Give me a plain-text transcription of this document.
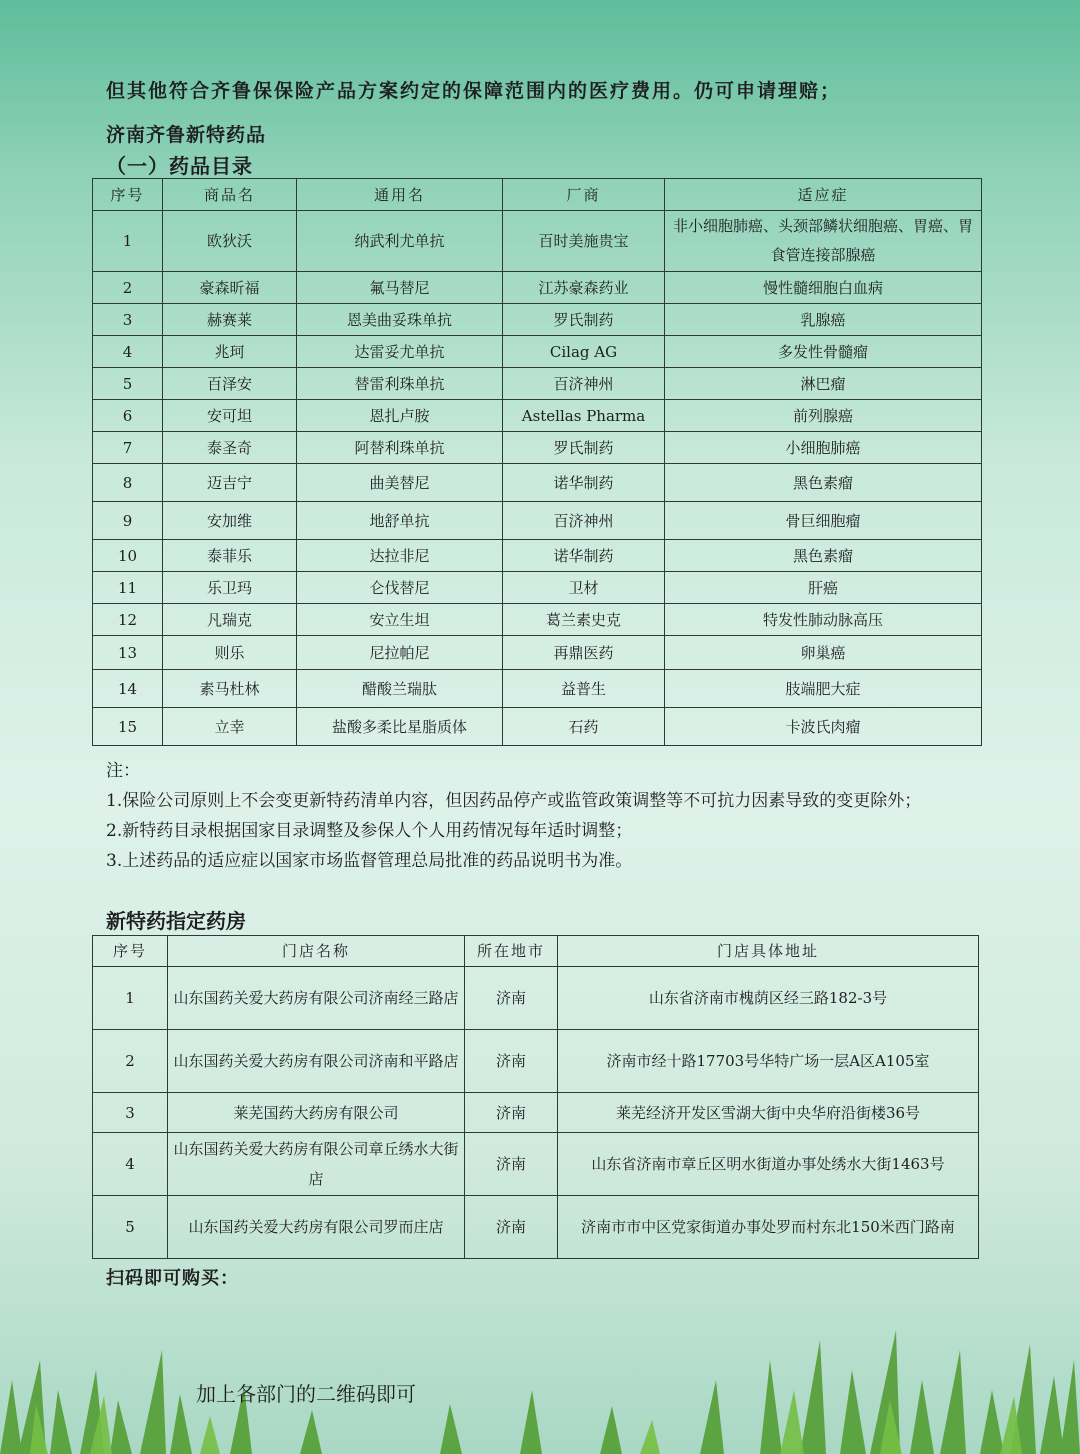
但其他符合齐鲁保保险产品方案约定的保障范围内的医疗费用。仍可申请理赔；
济南齐鲁新特药品
（一）药品目录
序号	商品名	通用名	厂商	适应症
1	欧狄沃	纳武利尤单抗	百时美施贵宝	非小细胞肺癌、头颈部鳞状细胞癌、胃癌、胃食管连接部腺癌
2	豪森昕福	氟马替尼	江苏豪森药业	慢性髓细胞白血病
3	赫赛莱	恩美曲妥珠单抗	罗氏制药	乳腺癌
4	兆珂	达雷妥尤单抗	Cilag AG	多发性骨髓瘤
5	百泽安	替雷利珠单抗	百济神州	淋巴瘤
6	安可坦	恩扎卢胺	Astellas Pharma	前列腺癌
7	泰圣奇	阿替利珠单抗	罗氏制药	小细胞肺癌
8	迈吉宁	曲美替尼	诺华制药	黑色素瘤
9	安加维	地舒单抗	百济神州	骨巨细胞瘤
10	泰菲乐	达拉非尼	诺华制药	黑色素瘤
11	乐卫玛	仑伐替尼	卫材	肝癌
12	凡瑞克	安立生坦	葛兰素史克	特发性肺动脉高压
13	则乐	尼拉帕尼	再鼎医药	卵巢癌
14	素马杜林	醋酸兰瑞肽	益普生	肢端肥大症
15	立幸	盐酸多柔比星脂质体	石药	卡波氏肉瘤
注：
1.保险公司原则上不会变更新特药清单内容，但因药品停产或监管政策调整等不可抗力因素导致的变更除外；
2.新特药目录根据国家目录调整及参保人个人用药情况每年适时调整；
3.上述药品的适应症以国家市场监督管理总局批准的药品说明书为准。
新特药指定药房
序号	门店名称	所在地市	门店具体地址
1	山东国药关爱大药房有限公司济南经三路店	济南	山东省济南市槐荫区经三路182-3号
2	山东国药关爱大药房有限公司济南和平路店	济南	济南市经十路17703号华特广场一层A区A105室
3	莱芜国药大药房有限公司	济南	莱芜经济开发区雪湖大街中央华府沿街楼36号
4	山东国药关爱大药房有限公司章丘绣水大街店	济南	山东省济南市章丘区明水街道办事处绣水大街1463号
5	山东国药关爱大药房有限公司罗而庄店	济南	济南市市中区党家街道办事处罗而村东北150米西门路南
扫码即可购买：
加上各部门的二维码即可
